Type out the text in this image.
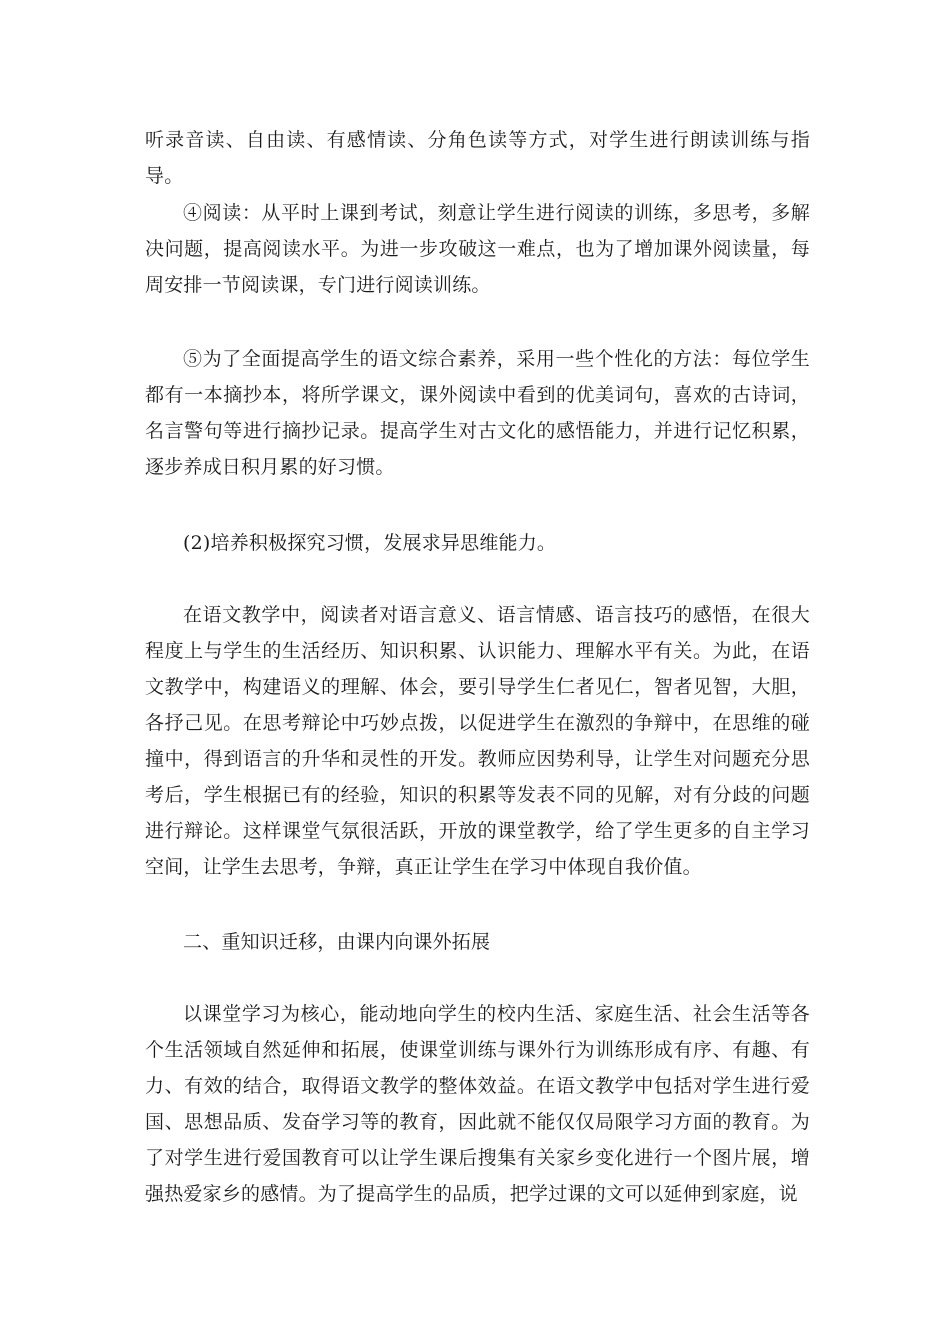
听录音读、自由读、有感情读、分角色读等方式，对学生进行朗读训练与指导。

④阅读：从平时上课到考试，刻意让学生进行阅读的训练，多思考，多解决问题，提高阅读水平。为进一步攻破这一难点，也为了增加课外阅读量，每周安排一节阅读课，专门进行阅读训练。

⑤为了全面提高学生的语文综合素养，采用一些个性化的方法：每位学生都有一本摘抄本，将所学课文，课外阅读中看到的优美词句，喜欢的古诗词，名言警句等进行摘抄记录。提高学生对古文化的感悟能力，并进行记忆积累，逐步养成日积月累的好习惯。

(2)培养积极探究习惯，发展求异思维能力。

在语文教学中，阅读者对语言意义、语言情感、语言技巧的感悟，在很大程度上与学生的生活经历、知识积累、认识能力、理解水平有关。为此，在语文教学中，构建语义的理解、体会，要引导学生仁者见仁，智者见智，大胆，各抒己见。在思考辩论中巧妙点拨，以促进学生在激烈的争辩中，在思维的碰撞中，得到语言的升华和灵性的开发。教师应因势利导，让学生对问题充分思考后，学生根据已有的经验，知识的积累等发表不同的见解，对有分歧的问题进行辩论。这样课堂气氛很活跃，开放的课堂教学，给了学生更多的自主学习空间，让学生去思考，争辩，真正让学生在学习中体现自我价值。

二、重知识迁移，由课内向课外拓展

以课堂学习为核心，能动地向学生的校内生活、家庭生活、社会生活等各个生活领域自然延伸和拓展，使课堂训练与课外行为训练形成有序、有趣、有力、有效的结合，取得语文教学的整体效益。在语文教学中包括对学生进行爱国、思想品质、发奋学习等的教育，因此就不能仅仅局限学习方面的教育。为了对学生进行爱国教育可以让学生课后搜集有关家乡变化进行一个图片展，增强热爱家乡的感情。为了提高学生的品质，把学过课的文可以延伸到家庭，说
